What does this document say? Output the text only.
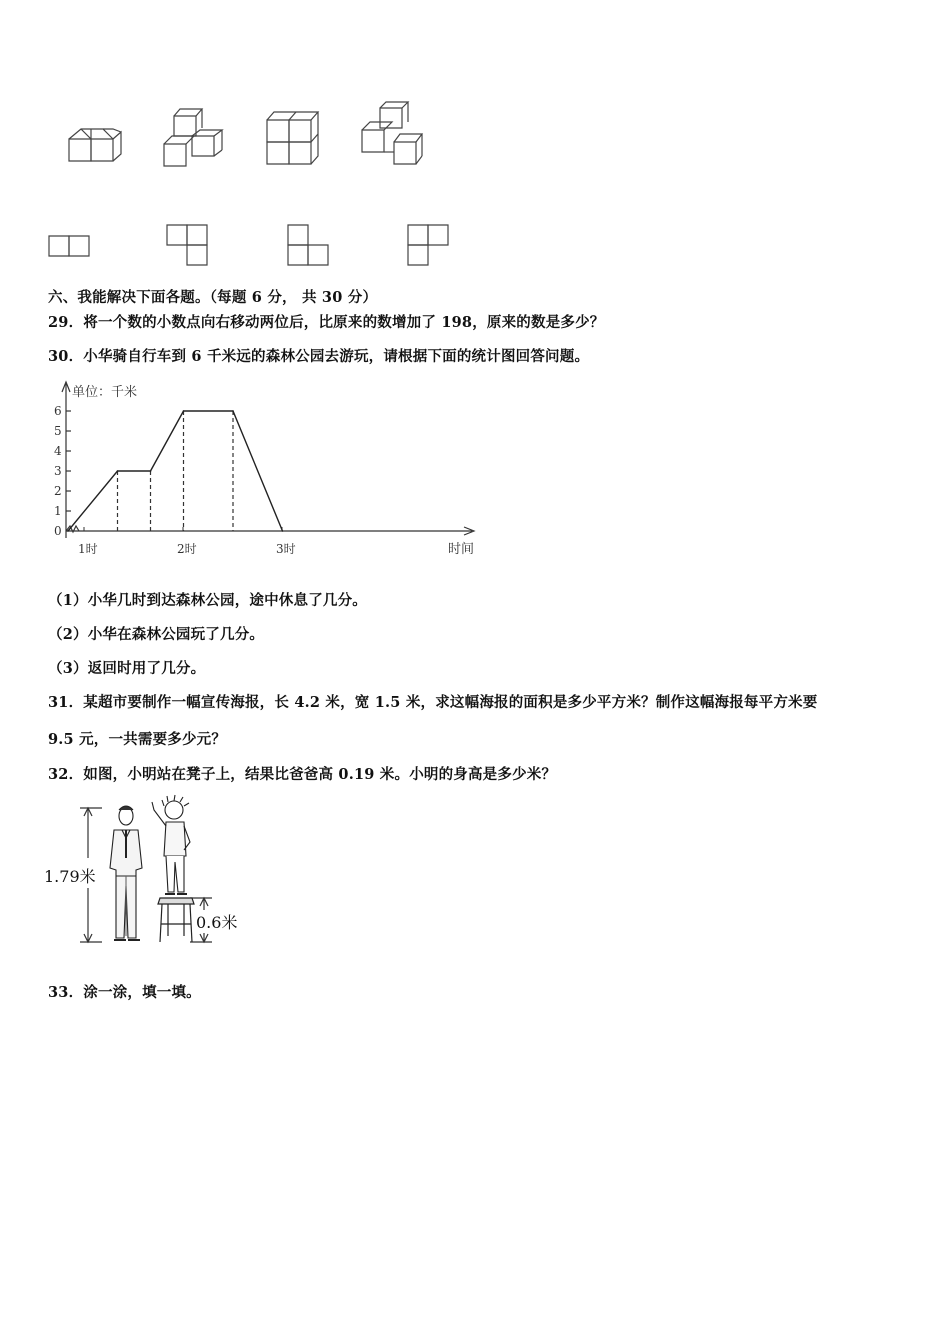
六、我能解决下面各题。（每题 6 分， 共 30 分）
29．将一个数的小数点向右移动两位后，比原来的数增加了 198，原来的数是多少？
30．小华骑自行车到 6 千米远的森林公园去游玩，请根据下面的统计图回答问题。
单位：千米
时间
0
1
2
3
4
5
6
1时	2时	3时
（1）小华几时到达森林公园，途中休息了几分。
（2）小华在森林公园玩了几分。
（3）返回时用了几分。
31．某超市要制作一幅宣传海报，长 4.2 米，宽 1.5 米，求这幅海报的面积是多少平方米？制作这幅海报每平方米要
9.5 元，一共需要多少元？
32．如图，小明站在凳子上，结果比爸爸高 0.19 米。小明的身高是多少米？
1.79米
0.6米
33．涂一涂，填一填。
